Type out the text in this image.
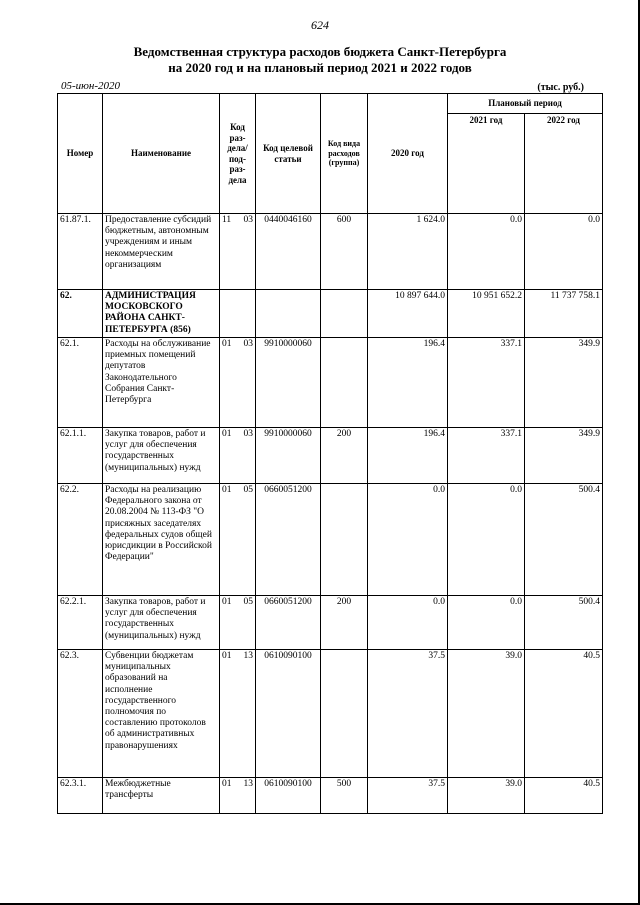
624
Ведомственная структура расходов бюджета Санкт-Петербурга
на 2020 год и на плановый период 2021 и 2022 годов
05-июн-2020	(тыс. руб.)
Номер	Наименование	Код раз- дела/ под- раз- дела	Код целевой статьи	Код вида расходов (группа)	2020 год	Плановый период	
						2021 год	2022 год
61.87.1.	Предоставление субсидий бюджетным, автономным учреждениям и иным некоммерческим организациям	11 03	0440046160	600	1 624.0	0.0	0.0
62.	АДМИНИСТРАЦИЯ МОСКОВСКОГО РАЙОНА САНКТ-ПЕТЕРБУРГА (856)				10 897 644.0	10 951 652.2	11 737 758.1
62.1.	Расходы на обслуживание приемных помещений депутатов Законодательного Собрания Санкт-Петербурга	01 03	9910000060		196.4	337.1	349.9
62.1.1.	Закупка товаров, работ и услуг для обеспечения государственных (муниципальных) нужд	01 03	9910000060	200	196.4	337.1	349.9
62.2.	Расходы на реализацию Федерального закона от 20.08.2004 № 113-ФЗ "О присяжных заседателях федеральных судов общей юрисдикции в Российской Федерации"	01 05	0660051200		0.0	0.0	500.4
62.2.1.	Закупка товаров, работ и услуг для обеспечения государственных (муниципальных) нужд	01 05	0660051200	200	0.0	0.0	500.4
62.3.	Субвенции бюджетам муниципальных образований на исполнение государственного полномочия по составлению протоколов об административных правонарушениях	01 13	0610090100		37.5	39.0	40.5
62.3.1.	Межбюджетные трансферты	01 13	0610090100	500	37.5	39.0	40.5
